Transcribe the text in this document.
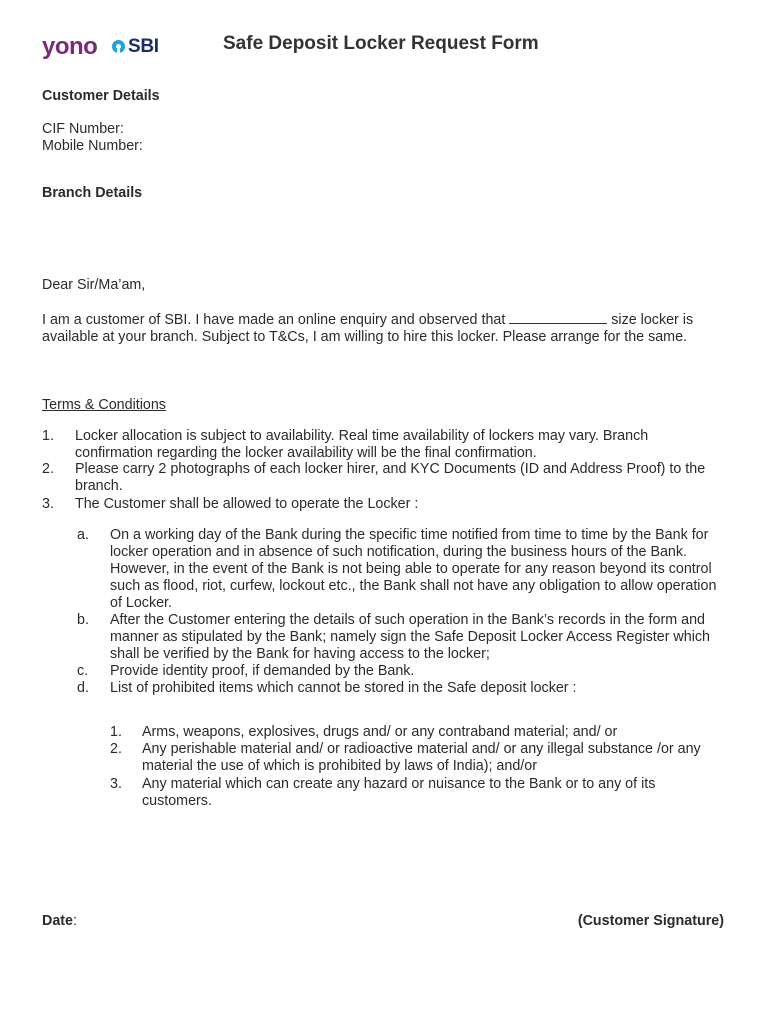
yono SBI	Safe Deposit Locker Request Form
Customer Details
CIF Number:
Mobile Number:
Branch Details
Dear Sir/Ma’am,
I am a customer of SBI. I have made an online enquiry and observed that	size locker is available at your branch. Subject to T&Cs, I am willing to hire this locker. Please arrange for the same.
Terms & Conditions
1. Locker allocation is subject to availability. Real time availability of lockers may vary. Branch confirmation regarding the locker availability will be the final confirmation.
2. Please carry 2 photographs of each locker hirer, and KYC Documents (ID and Address Proof) to the branch.
3. The Customer shall be allowed to operate the Locker :
a. On a working day of the Bank during the specific time notified from time to time by the Bank for locker operation and in absence of such notification, during the business hours of the Bank. However, in the event of the Bank is not being able to operate for any reason beyond its control such as flood, riot, curfew, lockout etc., the Bank shall not have any obligation to allow operation of Locker.
b. After the Customer entering the details of such operation in the Bank’s records in the form and manner as stipulated by the Bank; namely sign the Safe Deposit Locker Access Register which shall be verified by the Bank for having access to the locker;
c. Provide identity proof, if demanded by the Bank.
d. List of prohibited items which cannot be stored in the Safe deposit locker :
1. Arms, weapons, explosives, drugs and/ or any contraband material; and/ or
2. Any perishable material and/ or radioactive material and/ or any illegal substance /or any material the use of which is prohibited by laws of India); and/or
3. Any material which can create any hazard or nuisance to the Bank or to any of its customers.
Date:	(Customer Signature)
